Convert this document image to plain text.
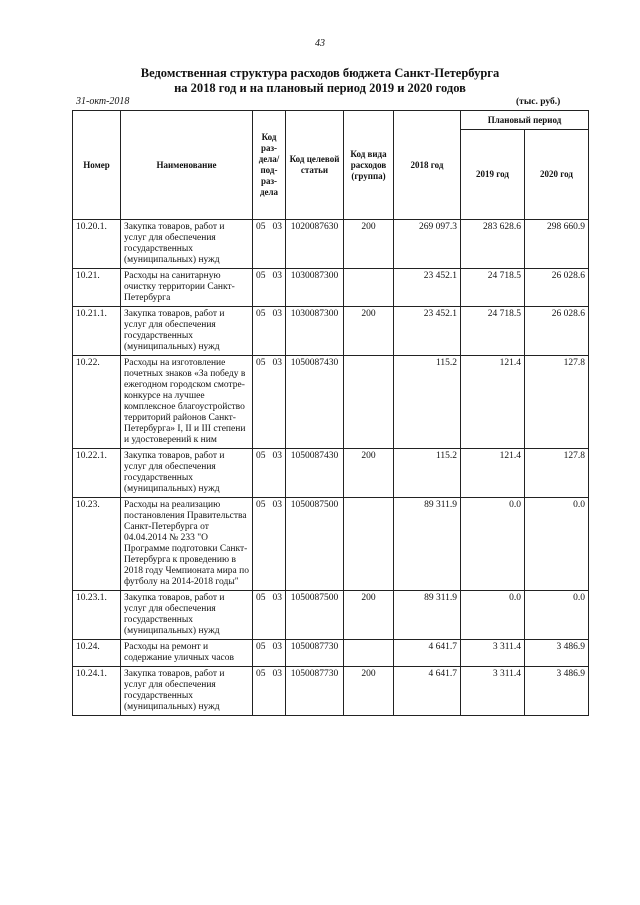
43
Ведомственная структура расходов бюджета Санкт-Петербурга
на 2018 год и на плановый период 2019 и 2020 годов
31-окт-2018	(тыс. руб.)
Номер	Наименование	Код раз-дела/ под-раз-дела	Код целевой статьи	Код вида расходов (группа)	2018 год	Плановый период	
						2019 год	2020 год
10.20.1.	Закупка товаров, работ и услуг для обеспечения государственных (муниципальных) нужд	05 03	1020087630	200	269 097.3	283 628.6	298 660.9
10.21.	Расходы на санитарную очистку территории Санкт-Петербурга	05 03	1030087300		23 452.1	24 718.5	26 028.6
10.21.1.	Закупка товаров, работ и услуг для обеспечения государственных (муниципальных) нужд	05 03	1030087300	200	23 452.1	24 718.5	26 028.6
10.22.	Расходы на изготовление почетных знаков «За победу в ежегодном городском смотре-конкурсе на лучшее комплексное благоустройство территорий районов Санкт-Петербурга» I, II и III степени и удостоверений к ним	05 03	1050087430		115.2	121.4	127.8
10.22.1.	Закупка товаров, работ и услуг для обеспечения государственных (муниципальных) нужд	05 03	1050087430	200	115.2	121.4	127.8
10.23.	Расходы на реализацию постановления Правительства Санкт-Петербурга от 04.04.2014 № 233 "О Программе подготовки Санкт-Петербурга к проведению в 2018 году Чемпионата мира по футболу на 2014-2018 годы"	05 03	1050087500		89 311.9	0.0	0.0
10.23.1.	Закупка товаров, работ и услуг для обеспечения государственных (муниципальных) нужд	05 03	1050087500	200	89 311.9	0.0	0.0
10.24.	Расходы на ремонт и содержание уличных часов	05 03	1050087730		4 641.7	3 311.4	3 486.9
10.24.1.	Закупка товаров, работ и услуг для обеспечения государственных (муниципальных) нужд	05 03	1050087730	200	4 641.7	3 311.4	3 486.9
